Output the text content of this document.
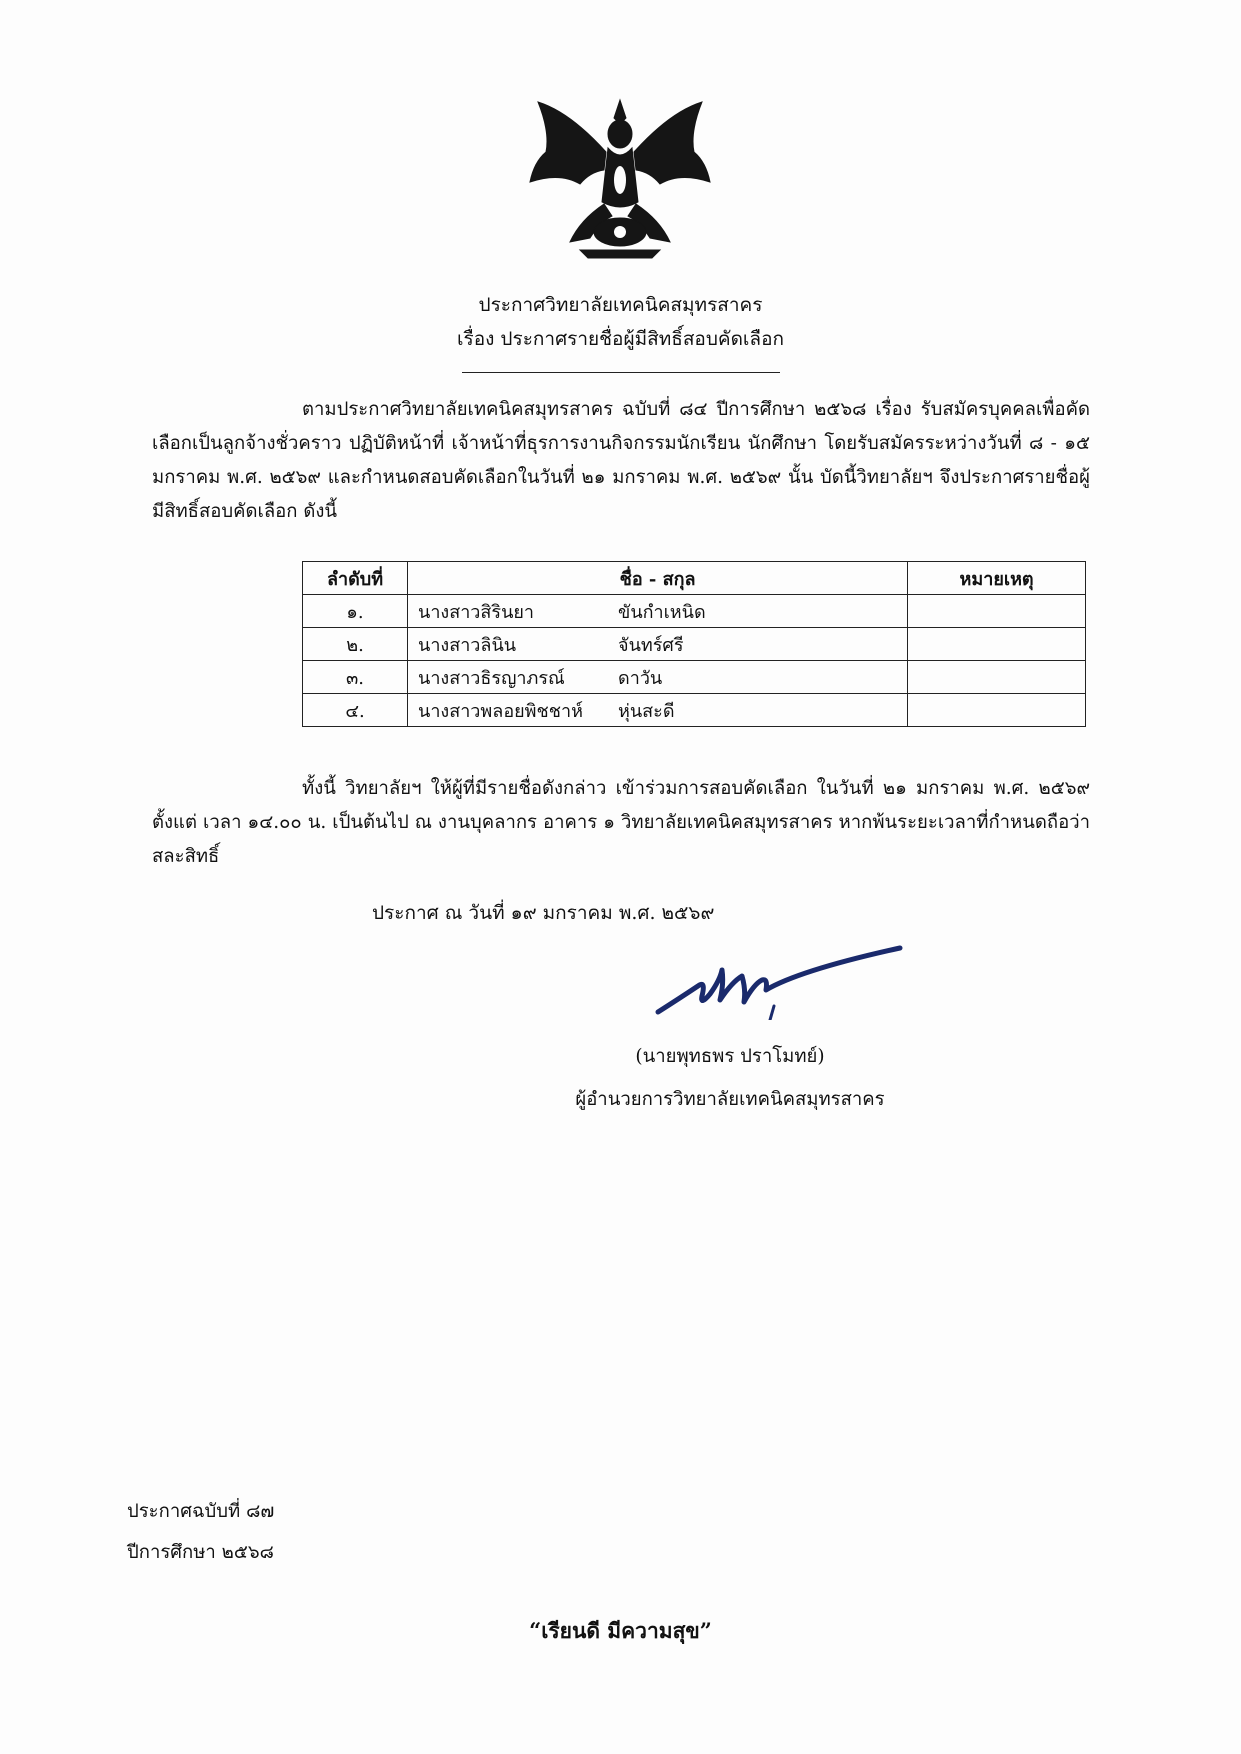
ประกาศวิทยาลัยเทคนิคสมุทรสาคร
เรื่อง ประกาศรายชื่อผู้มีสิทธิ์สอบคัดเลือก
ตามประกาศวิทยาลัยเทคนิคสมุทรสาคร ฉบับที่ ๘๔ ปีการศึกษา ๒๕๖๘ เรื่อง รับสมัครบุคคลเพื่อคัดเลือกเป็นลูกจ้างชั่วคราว ปฏิบัติหน้าที่ เจ้าหน้าที่ธุรการงานกิจกรรมนักเรียน นักศึกษา โดยรับสมัครระหว่างวันที่ ๘ - ๑๕ มกราคม พ.ศ. ๒๕๖๙ และกำหนดสอบคัดเลือกในวันที่ ๒๑ มกราคม พ.ศ. ๒๕๖๙ นั้น บัดนี้วิทยาลัยฯ จึงประกาศรายชื่อผู้มีสิทธิ์สอบคัดเลือก ดังนี้
ลำดับที่	ชื่อ - สกุล	หมายเหตุ
๑.	นางสาวสิรินยา ขันกำเหนิด	
๒.	นางสาวลินิน จันทร์ศรี	
๓.	นางสาวธิรญาภรณ์ ดาวัน	
๔.	นางสาวพลอยพิชชาห์ หุ่นสะดี	
ทั้งนี้ วิทยาลัยฯ ให้ผู้ที่มีรายชื่อดังกล่าว เข้าร่วมการสอบคัดเลือก ในวันที่ ๒๑ มกราคม พ.ศ. ๒๕๖๙ ตั้งแต่ เวลา ๑๔.๐๐ น. เป็นต้นไป ณ งานบุคลากร อาคาร ๑ วิทยาลัยเทคนิคสมุทรสาคร หากพ้นระยะเวลาที่กำหนดถือว่าสละสิทธิ์
ประกาศ ณ วันที่ ๑๙ มกราคม พ.ศ. ๒๕๖๙
(นายพุทธพร ปราโมทย์)
ผู้อำนวยการวิทยาลัยเทคนิคสมุทรสาคร
ประกาศฉบับที่ ๘๗
ปีการศึกษา ๒๕๖๘
“เรียนดี มีความสุข”
